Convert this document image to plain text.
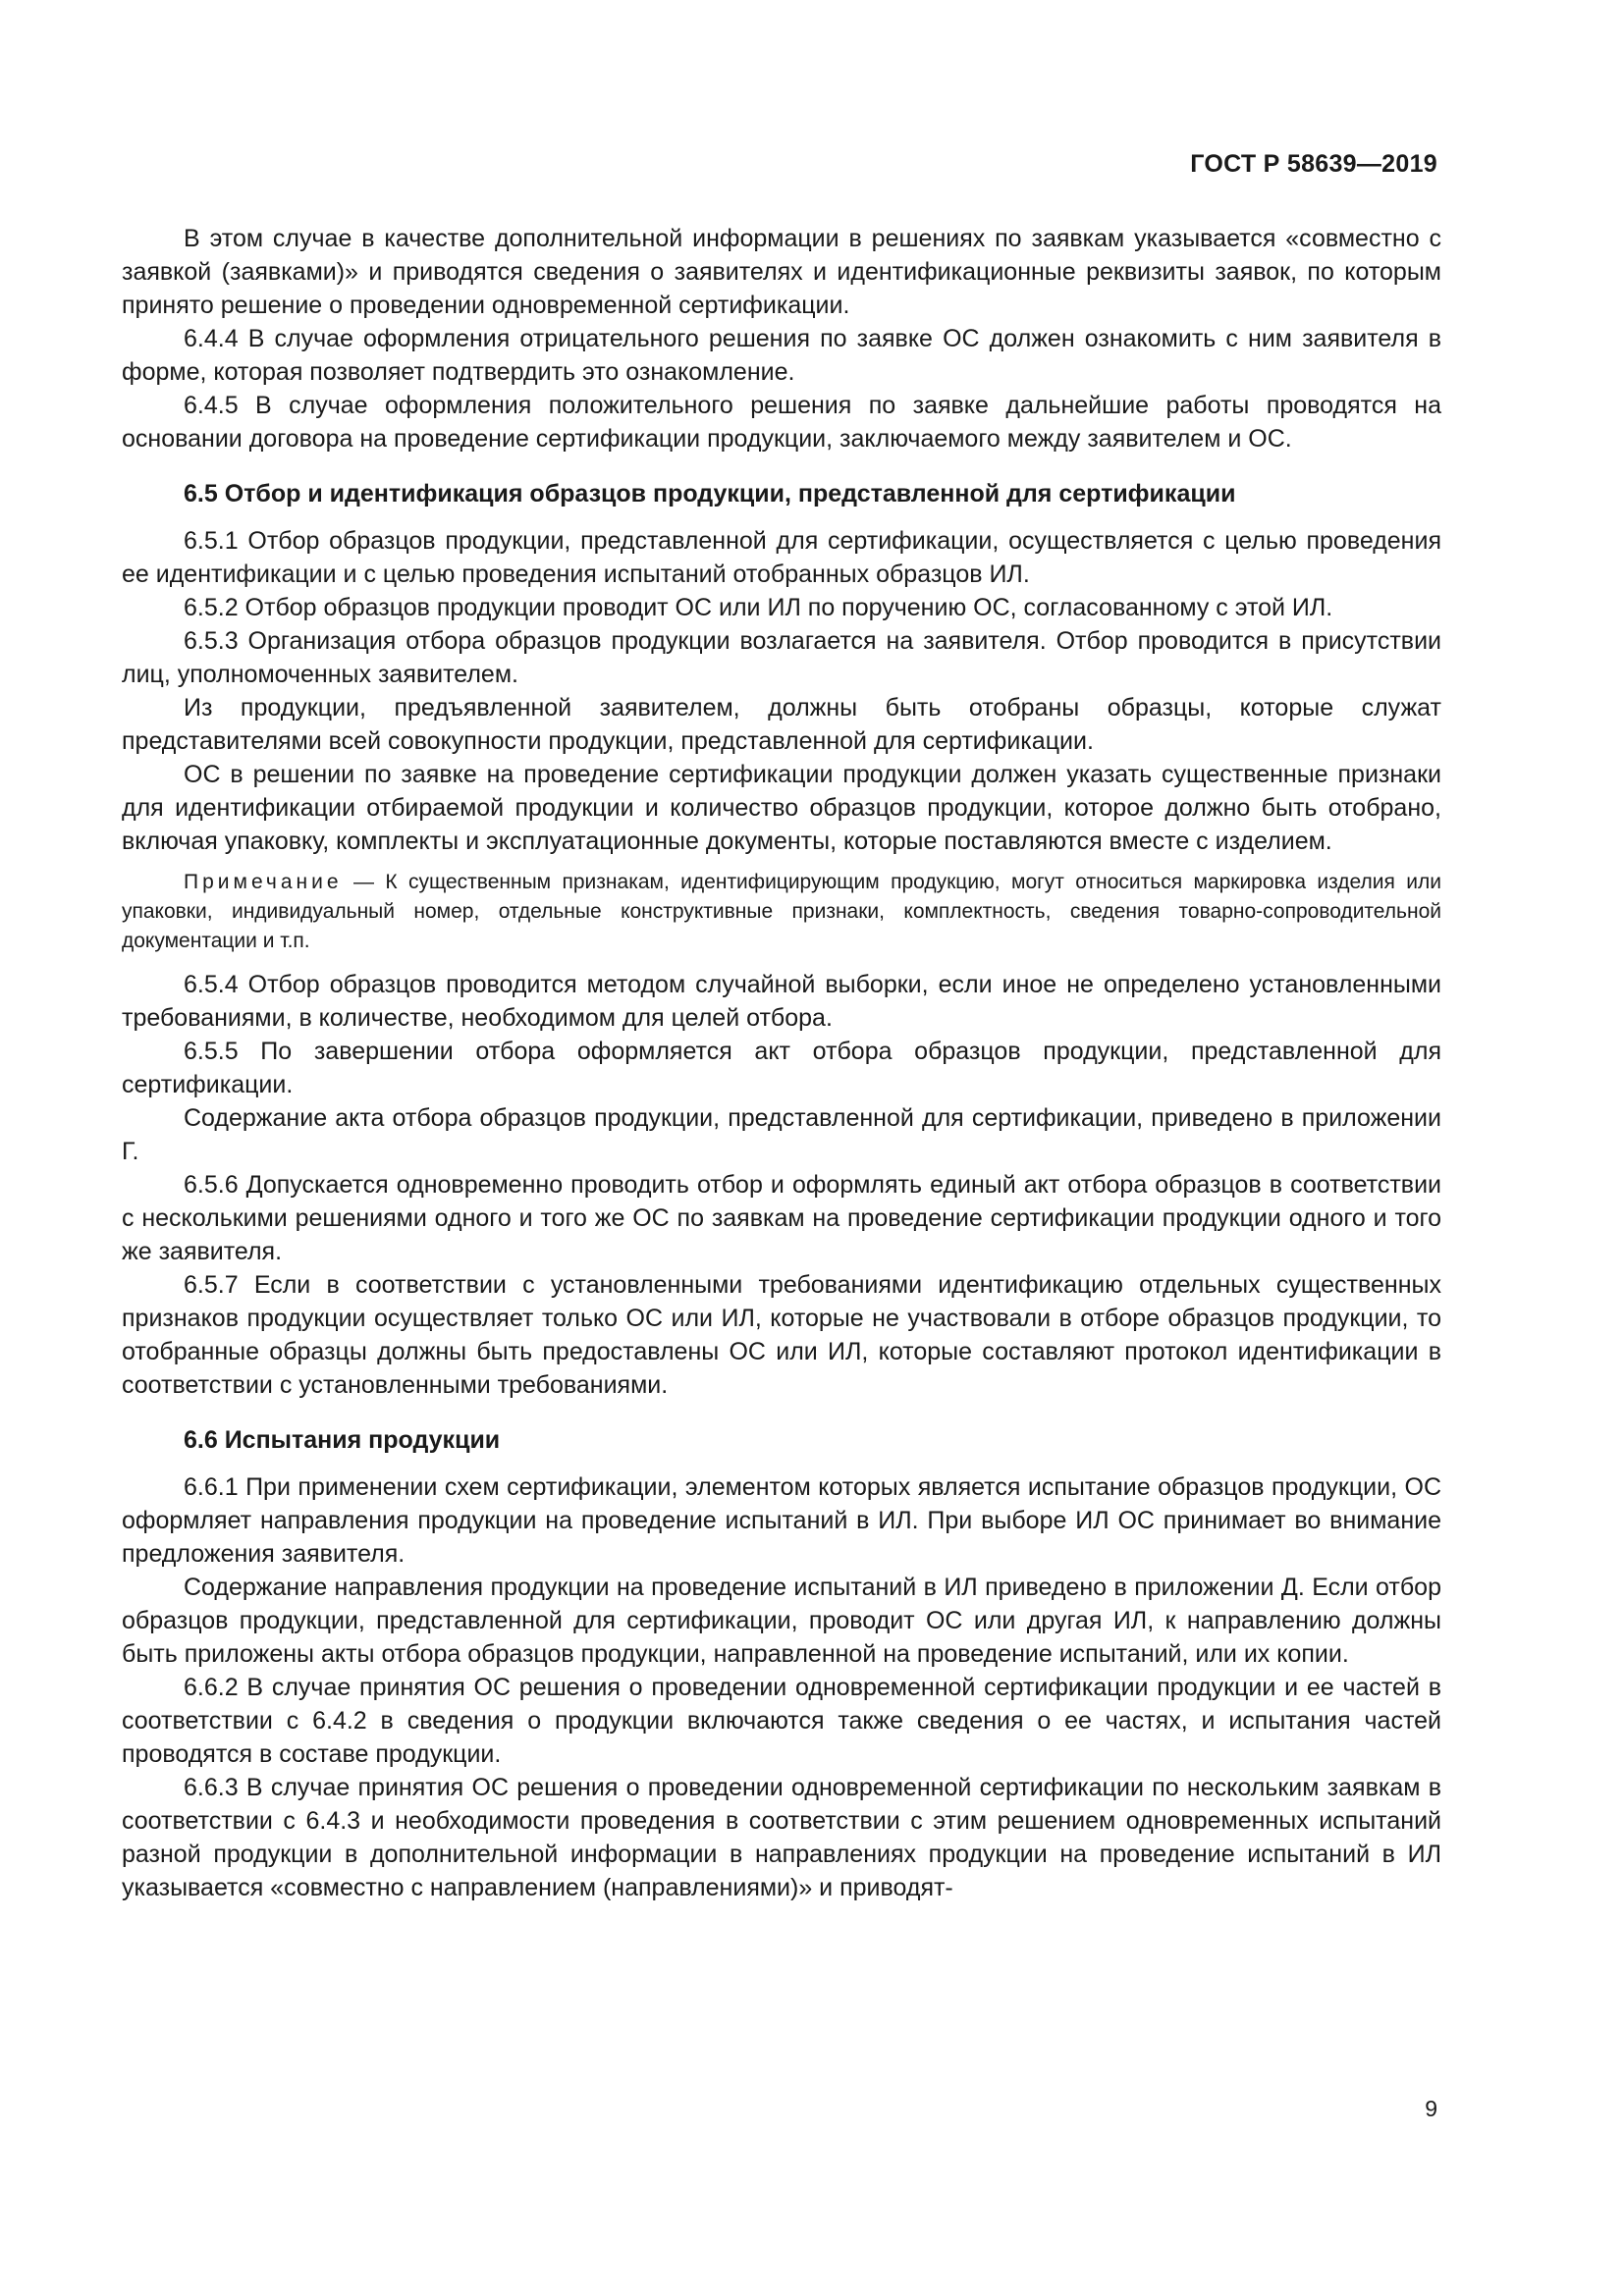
ГОСТ Р 58639—2019

В этом случае в качестве дополнительной информации в решениях по заявкам указывается «совместно с заявкой (заявками)» и приводятся сведения о заявителях и идентификационные реквизиты заявок, по которым принято решение о проведении одновременной сертификации.

6.4.4 В случае оформления отрицательного решения по заявке ОС должен ознакомить с ним заявителя в форме, которая позволяет подтвердить это ознакомление.

6.4.5 В случае оформления положительного решения по заявке дальнейшие работы проводятся на основании договора на проведение сертификации продукции, заключаемого между заявителем и ОС.

6.5 Отбор и идентификация образцов продукции, представленной для сертификации

6.5.1 Отбор образцов продукции, представленной для сертификации, осуществляется с целью проведения ее идентификации и с целью проведения испытаний отобранных образцов ИЛ.

6.5.2 Отбор образцов продукции проводит ОС или ИЛ по поручению ОС, согласованному с этой ИЛ.

6.5.3 Организация отбора образцов продукции возлагается на заявителя. Отбор проводится в присутствии лиц, уполномоченных заявителем.

Из продукции, предъявленной заявителем, должны быть отобраны образцы, которые служат представителями всей совокупности продукции, представленной для сертификации.

ОС в решении по заявке на проведение сертификации продукции должен указать существенные признаки для идентификации отбираемой продукции и количество образцов продукции, которое должно быть отобрано, включая упаковку, комплекты и эксплуатационные документы, которые поставляются вместе с изделием.

Примечание — К существенным признакам, идентифицирующим продукцию, могут относиться маркировка изделия или упаковки, индивидуальный номер, отдельные конструктивные признаки, комплектность, сведения товарно-сопроводительной документации и т.п.

6.5.4 Отбор образцов проводится методом случайной выборки, если иное не определено установленными требованиями, в количестве, необходимом для целей отбора.

6.5.5 По завершении отбора оформляется акт отбора образцов продукции, представленной для сертификации.

Содержание акта отбора образцов продукции, представленной для сертификации, приведено в приложении Г.

6.5.6 Допускается одновременно проводить отбор и оформлять единый акт отбора образцов в соответствии с несколькими решениями одного и того же ОС по заявкам на проведение сертификации продукции одного и того же заявителя.

6.5.7 Если в соответствии с установленными требованиями идентификацию отдельных существенных признаков продукции осуществляет только ОС или ИЛ, которые не участвовали в отборе образцов продукции, то отобранные образцы должны быть предоставлены ОС или ИЛ, которые составляют протокол идентификации в соответствии с установленными требованиями.

6.6 Испытания продукции

6.6.1 При применении схем сертификации, элементом которых является испытание образцов продукции, ОС оформляет направления продукции на проведение испытаний в ИЛ. При выборе ИЛ ОС принимает во внимание предложения заявителя.

Содержание направления продукции на проведение испытаний в ИЛ приведено в приложении Д. Если отбор образцов продукции, представленной для сертификации, проводит ОС или другая ИЛ, к направлению должны быть приложены акты отбора образцов продукции, направленной на проведение испытаний, или их копии.

6.6.2 В случае принятия ОС решения о проведении одновременной сертификации продукции и ее частей в соответствии с 6.4.2 в сведения о продукции включаются также сведения о ее частях, и испытания частей проводятся в составе продукции.

6.6.3 В случае принятия ОС решения о проведении одновременной сертификации по нескольким заявкам в соответствии с 6.4.3 и необходимости проведения в соответствии с этим решением одновременных испытаний разной продукции в дополнительной информации в направлениях продукции на проведение испытаний в ИЛ указывается «совместно с направлением (направлениями)» и приводят-

9
